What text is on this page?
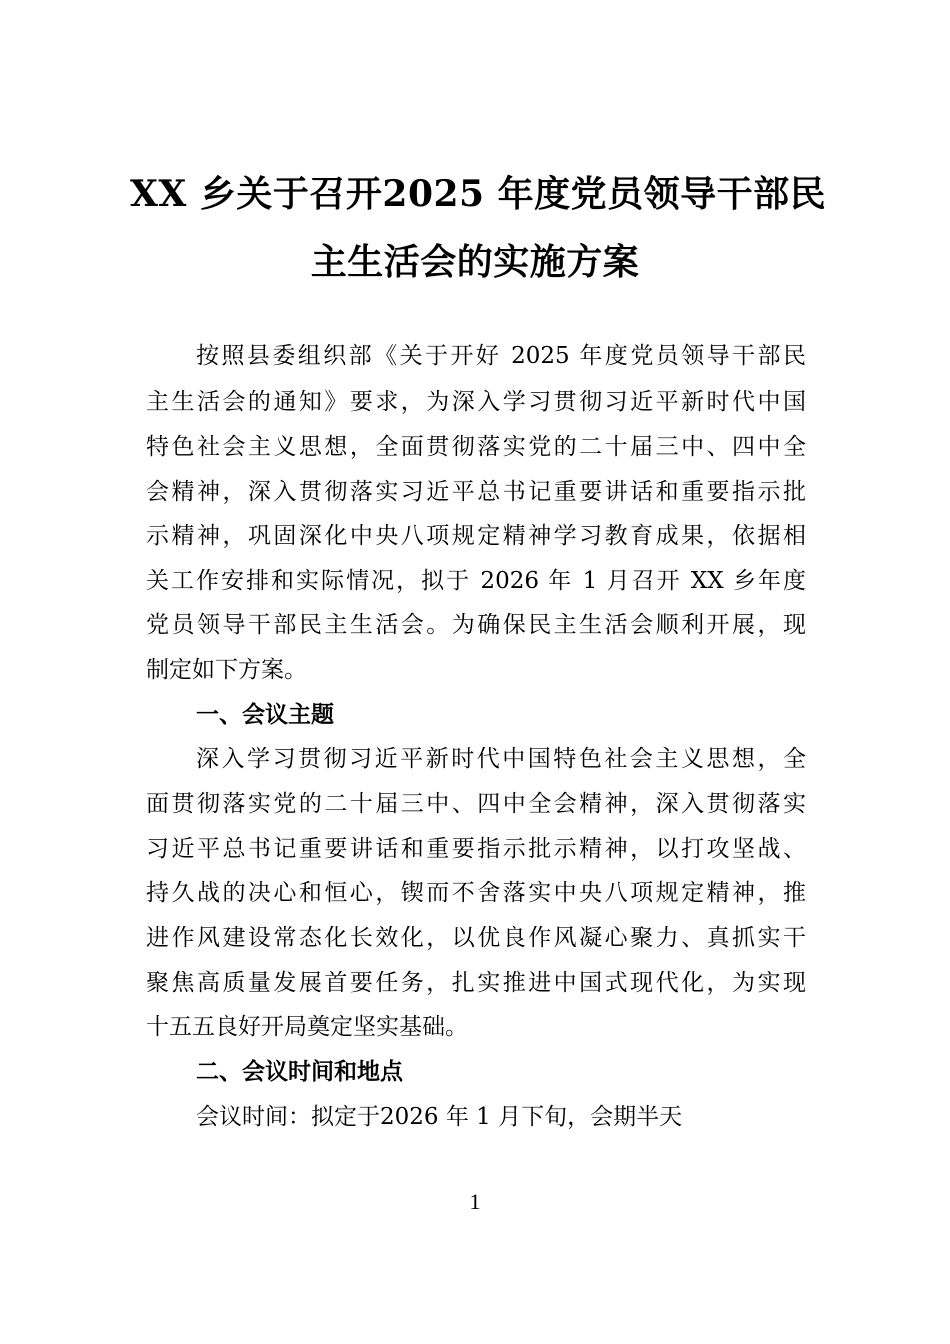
XX 乡关于召开2025 年度党员领导干部民
主生活会的实施方案
按照县委组织部《关于开好 2025 年度党员领导干部民
主生活会的通知》要求，为深入学习贯彻习近平新时代中国
特色社会主义思想，全面贯彻落实党的二十届三中、四中全
会精神，深入贯彻落实习近平总书记重要讲话和重要指示批
示精神，巩固深化中央八项规定精神学习教育成果，依据相
关工作安排和实际情况，拟于 2026 年 1 月召开 XX 乡年度
党员领导干部民主生活会。为确保民主生活会顺利开展，现
制定如下方案。
一、会议主题
深入学习贯彻习近平新时代中国特色社会主义思想，全
面贯彻落实党的二十届三中、四中全会精神，深入贯彻落实
习近平总书记重要讲话和重要指示批示精神，以打攻坚战、
持久战的决心和恒心，锲而不舍落实中央八项规定精神，推
进作风建设常态化长效化，以优良作风凝心聚力、真抓实干
聚焦高质量发展首要任务，扎实推进中国式现代化，为实现
十五五良好开局奠定坚实基础。
二、会议时间和地点
会议时间：拟定于2026 年 1 月下旬，会期半天
1
